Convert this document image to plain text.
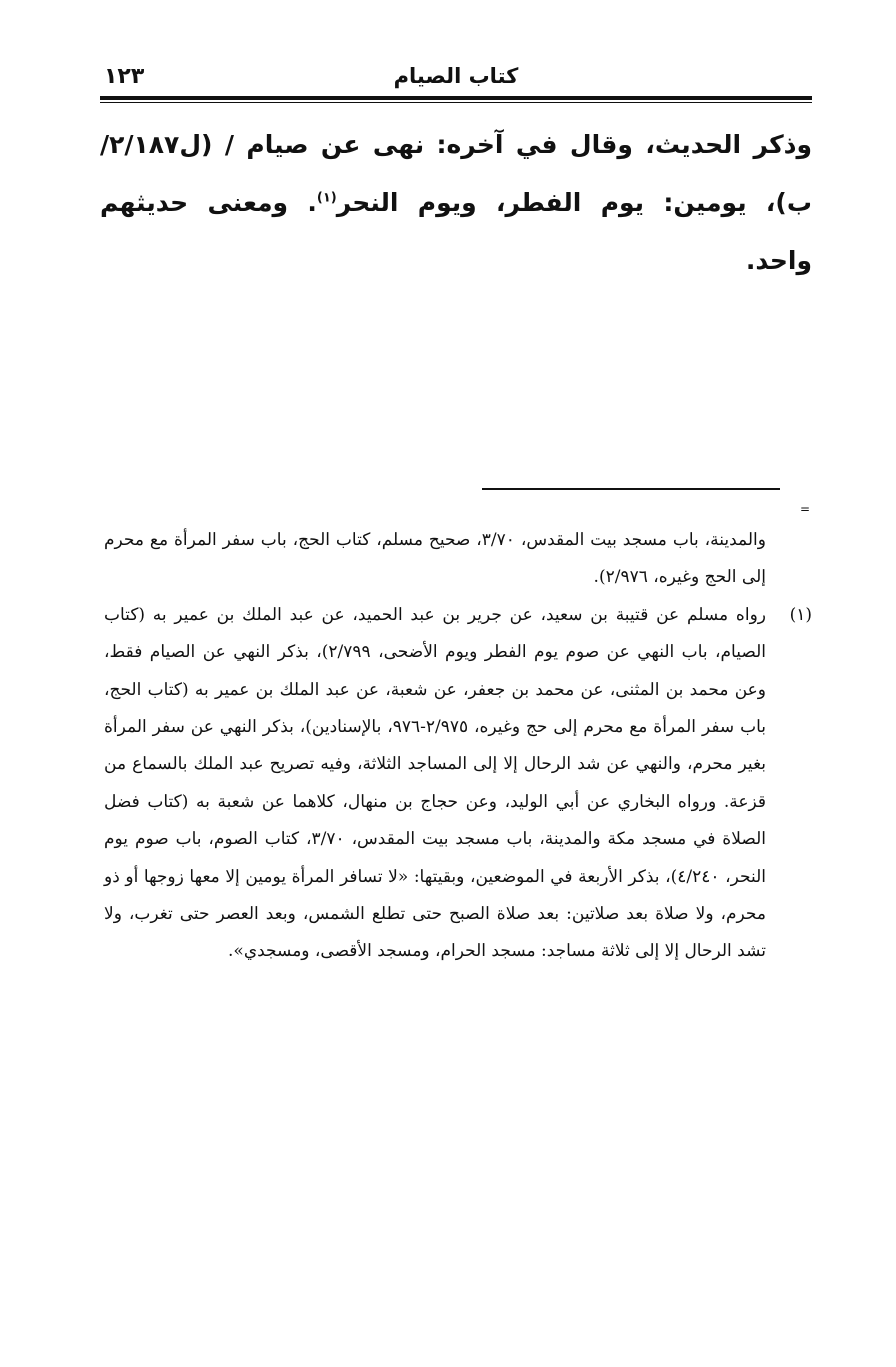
كتاب الصيام
١٢٣
وذكر الحديث، وقال في آخره: نهى عن صيام / (ل٢/١٨٧/ب)، يومين: يوم الفطر، ويوم النحر$^{(١)}$. ومعنى حديثهم واحد.
=

والمدينة، باب مسجد بيت المقدس، ٣/٧٠، صحيح مسلم، كتاب الحج، باب سفر المرأة مع محرم إلى الحج وغيره، ٢/٩٧٦).

(١)
رواه مسلم عن قتيبة بن سعيد، عن جرير بن عبد الحميد، عن عبد الملك بن عمير به (كتاب الصيام، باب النهي عن صوم يوم الفطر ويوم الأضحى، ٢/٧٩٩)، بذكر النهي عن الصيام فقط، وعن محمد بن المثنى، عن محمد بن جعفر، عن شعبة، عن عبد الملك بن عمير به (كتاب الحج، باب سفر المرأة مع محرم إلى حج وغيره، ٢/٩٧٥-٩٧٦، بالإسنادين)، بذكر النهي عن سفر المرأة بغير محرم، والنهي عن شد الرحال إلا إلى المساجد الثلاثة، وفيه تصريح عبد الملك بالسماع من قزعة. ورواه البخاري عن أبي الوليد، وعن حجاج بن منهال، كلاهما عن شعبة به (كتاب فضل الصلاة في مسجد مكة والمدينة، باب مسجد بيت المقدس، ٣/٧٠، كتاب الصوم، باب صوم يوم النحر، ٤/٢٤٠)، بذكر الأربعة في الموضعين، وبقيتها: «لا تسافر المرأة يومين إلا معها زوجها أو ذو محرم، ولا صلاة بعد صلاتين: بعد صلاة الصبح حتى تطلع الشمس، وبعد العصر حتى تغرب، ولا تشد الرحال إلا إلى ثلاثة مساجد: مسجد الحرام، ومسجد الأقصى، ومسجدي».
